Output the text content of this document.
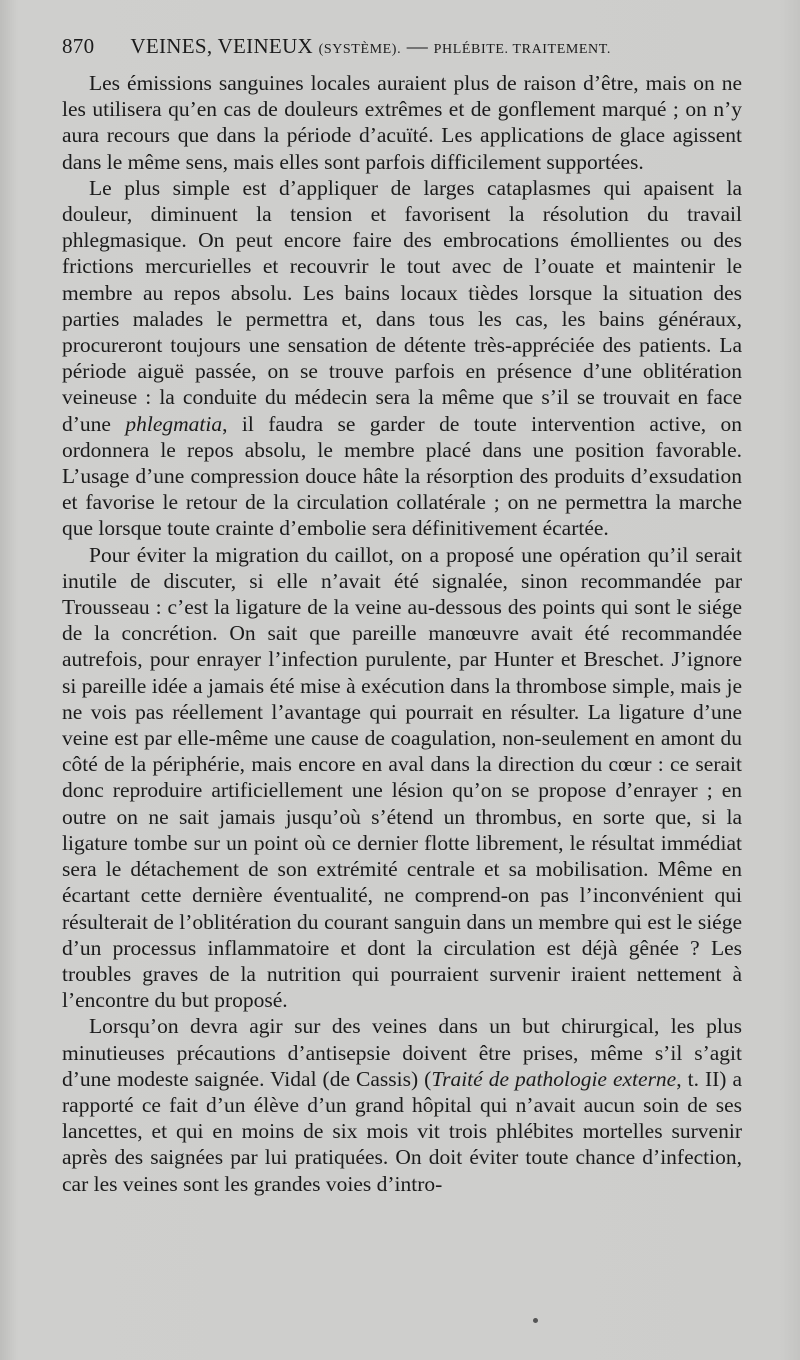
870 VEINES, VEINEUX (SYSTÈME). — PHLÉBITE. TRAITEMENT.

Les émissions sanguines locales auraient plus de raison d’être, mais on ne les utilisera qu’en cas de douleurs extrêmes et de gonflement marqué ; on n’y aura recours que dans la période d’acuïté. Les applications de glace agissent dans le même sens, mais elles sont parfois difficilement supportées.

Le plus simple est d’appliquer de larges cataplasmes qui apaisent la douleur, diminuent la tension et favorisent la résolution du travail phlegmasique. On peut encore faire des embrocations émollientes ou des frictions mercurielles et recouvrir le tout avec de l’ouate et maintenir le membre au repos absolu. Les bains locaux tièdes lorsque la situation des parties malades le permettra et, dans tous les cas, les bains généraux, procureront toujours une sensation de détente très-appréciée des patients. La période aiguë passée, on se trouve parfois en présence d’une oblitération veineuse : la conduite du médecin sera la même que s’il se trouvait en face d’une phlegmatia, il faudra se garder de toute intervention active, on ordonnera le repos absolu, le membre placé dans une position favorable. L’usage d’une compression douce hâte la résorption des produits d’exsudation et favorise le retour de la circulation collatérale ; on ne permettra la marche que lorsque toute crainte d’embolie sera définitivement écartée.

Pour éviter la migration du caillot, on a proposé une opération qu’il serait inutile de discuter, si elle n’avait été signalée, sinon recommandée par Trousseau : c’est la ligature de la veine au-dessous des points qui sont le siége de la concrétion. On sait que pareille manœuvre avait été recommandée autrefois, pour enrayer l’infection purulente, par Hunter et Breschet. J’ignore si pareille idée a jamais été mise à exécution dans la thrombose simple, mais je ne vois pas réellement l’avantage qui pourrait en résulter. La ligature d’une veine est par elle-même une cause de coagulation, non-seulement en amont du côté de la périphérie, mais encore en aval dans la direction du cœur : ce serait donc reproduire artificiellement une lésion qu’on se propose d’enrayer ; en outre on ne sait jamais jusqu’où s’étend un thrombus, en sorte que, si la ligature tombe sur un point où ce dernier flotte librement, le résultat immédiat sera le détachement de son extrémité centrale et sa mobilisation. Même en écartant cette dernière éventualité, ne comprend-on pas l’inconvénient qui résulterait de l’oblitération du courant sanguin dans un membre qui est le siége d’un processus inflammatoire et dont la circulation est déjà gênée ? Les troubles graves de la nutrition qui pourraient survenir iraient nettement à l’encontre du but proposé.

Lorsqu’on devra agir sur des veines dans un but chirurgical, les plus minutieuses précautions d’antisepsie doivent être prises, même s’il s’agit d’une modeste saignée. Vidal (de Cassis) (Traité de pathologie externe, t. II) a rapporté ce fait d’un élève d’un grand hôpital qui n’avait aucun soin de ses lancettes, et qui en moins de six mois vit trois phlébites mortelles survenir après des saignées par lui pratiquées. On doit éviter toute chance d’infection, car les veines sont les grandes voies d’intro-
